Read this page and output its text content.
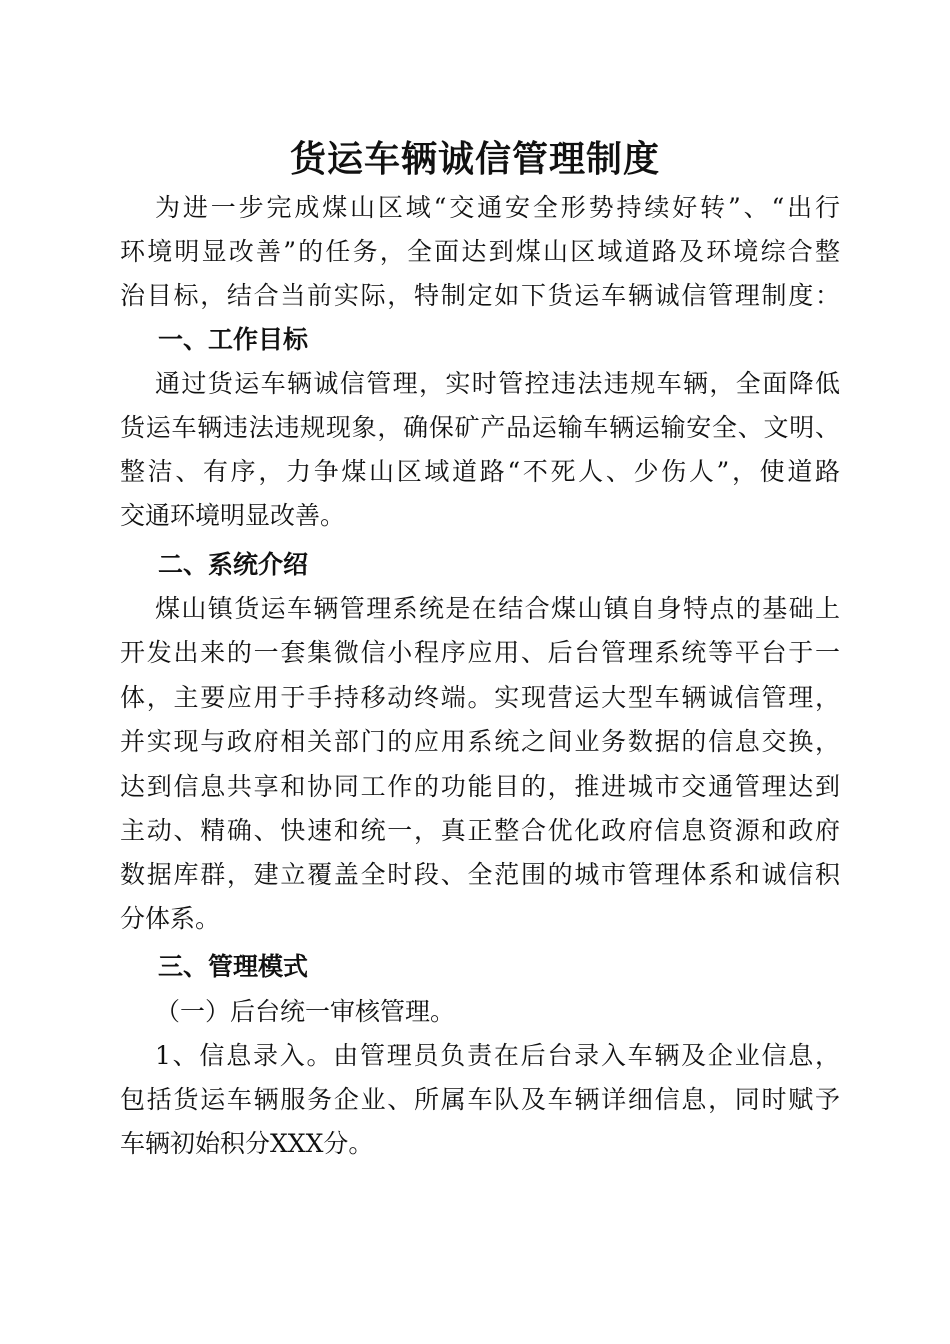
货运车辆诚信管理制度
为进一步完成煤山区域“交通安全形势持续好转”、“出行
环境明显改善”的任务，全面达到煤山区域道路及环境综合整
治目标，结合当前实际，特制定如下货运车辆诚信管理制度：
一、工作目标
通过货运车辆诚信管理，实时管控违法违规车辆，全面降低
货运车辆违法违规现象，确保矿产品运输车辆运输安全、文明、
整洁、有序，力争煤山区域道路“不死人、少伤人”，使道路
交通环境明显改善。
二、系统介绍
煤山镇货运车辆管理系统是在结合煤山镇自身特点的基础上
开发出来的一套集微信小程序应用、后台管理系统等平台于一
体，主要应用于手持移动终端。实现营运大型车辆诚信管理，
并实现与政府相关部门的应用系统之间业务数据的信息交换，
达到信息共享和协同工作的功能目的，推进城市交通管理达到
主动、精确、快速和统一，真正整合优化政府信息资源和政府
数据库群，建立覆盖全时段、全范围的城市管理体系和诚信积
分体系。
三、管理模式
（一）后台统一审核管理。
1、信息录入。由管理员负责在后台录入车辆及企业信息，
包括货运车辆服务企业、所属车队及车辆详细信息，同时赋予
车辆初始积分XXX分。
